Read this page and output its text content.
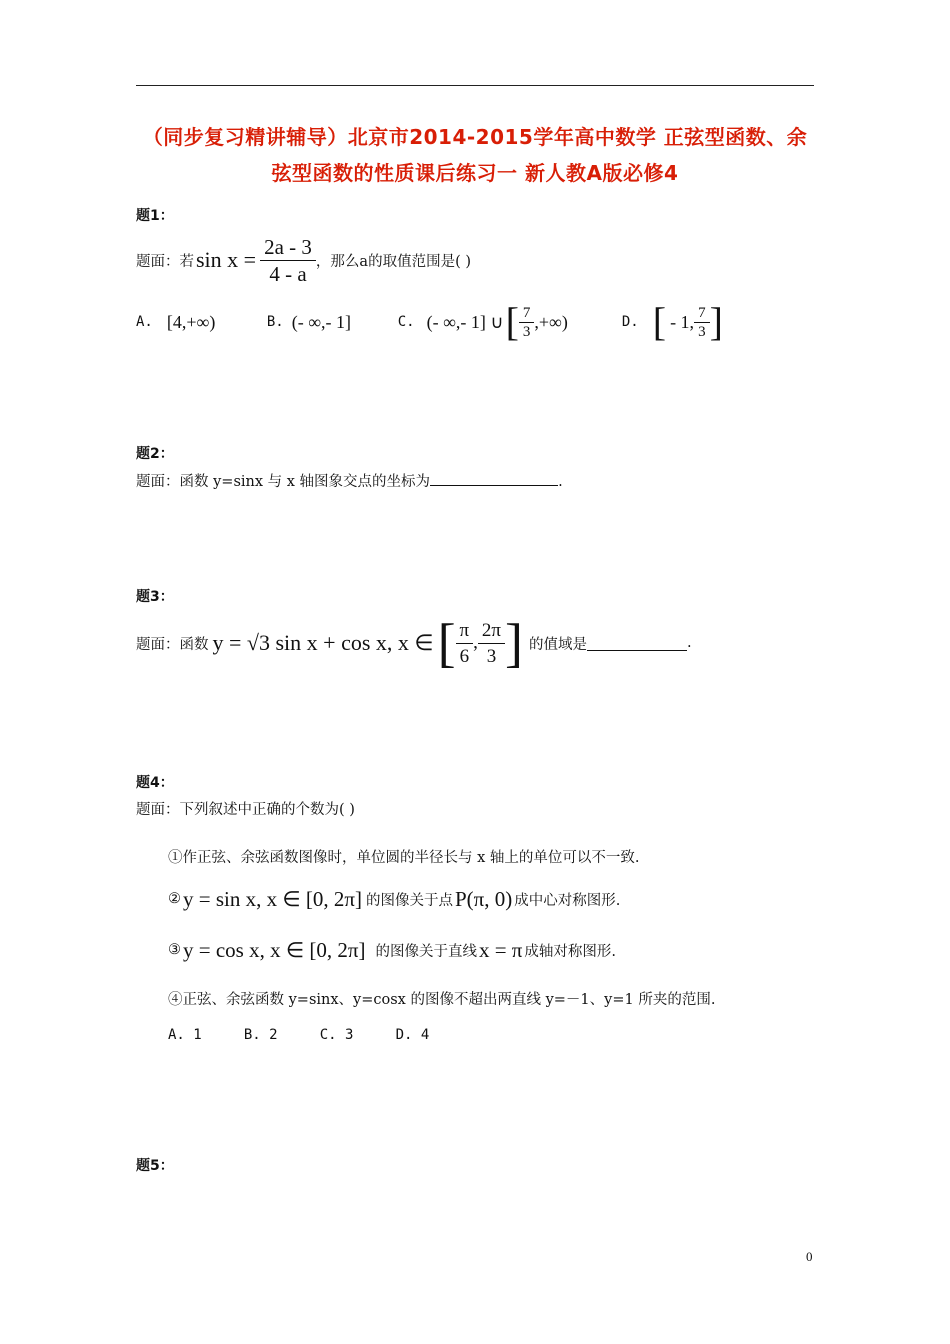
（同步复习精讲辅导）北京市2014-2015学年高中数学 正弦型函数、余
弦型函数的性质课后练习一 新人教A版必修4
题1：
题面：若 $\sin x = \frac{2a - 3}{4 - a}$ ，那么a的取值范围是( )
A. [4,+∞)	B. (- ∞,- 1]	C. (- ∞,- 1] ∪ [ $\frac{7}{3}$ ,+∞)	D. [ - 1, $\frac{7}{3}$ ]
题2：
题面：函数 y=sinx 与 x 轴图象交点的坐标为	.
题3：
题面：函数 y = √3 sin x + cos x, x ∈ [ $\frac{\pi}{6}$ , $\frac{2\pi}{3}$ ] 的值域是	.
题4：
题面：下列叙述中正确的个数为( )
①作正弦、余弦函数图像时，单位圆的半径长与 x 轴上的单位可以不一致.
② y = sin x, x ∈ [0, 2π] 的图像关于点 P(π, 0) 成中心对称图形.
③ y = cos x, x ∈ [0, 2π] 的图像关于直线 x = π 成轴对称图形.
④正弦、余弦函数 y=sinx、y=cosx 的图像不超出两直线 y=－1、y=1 所夹的范围.
A. 1     B. 2     C. 3     D. 4
题5：
0
